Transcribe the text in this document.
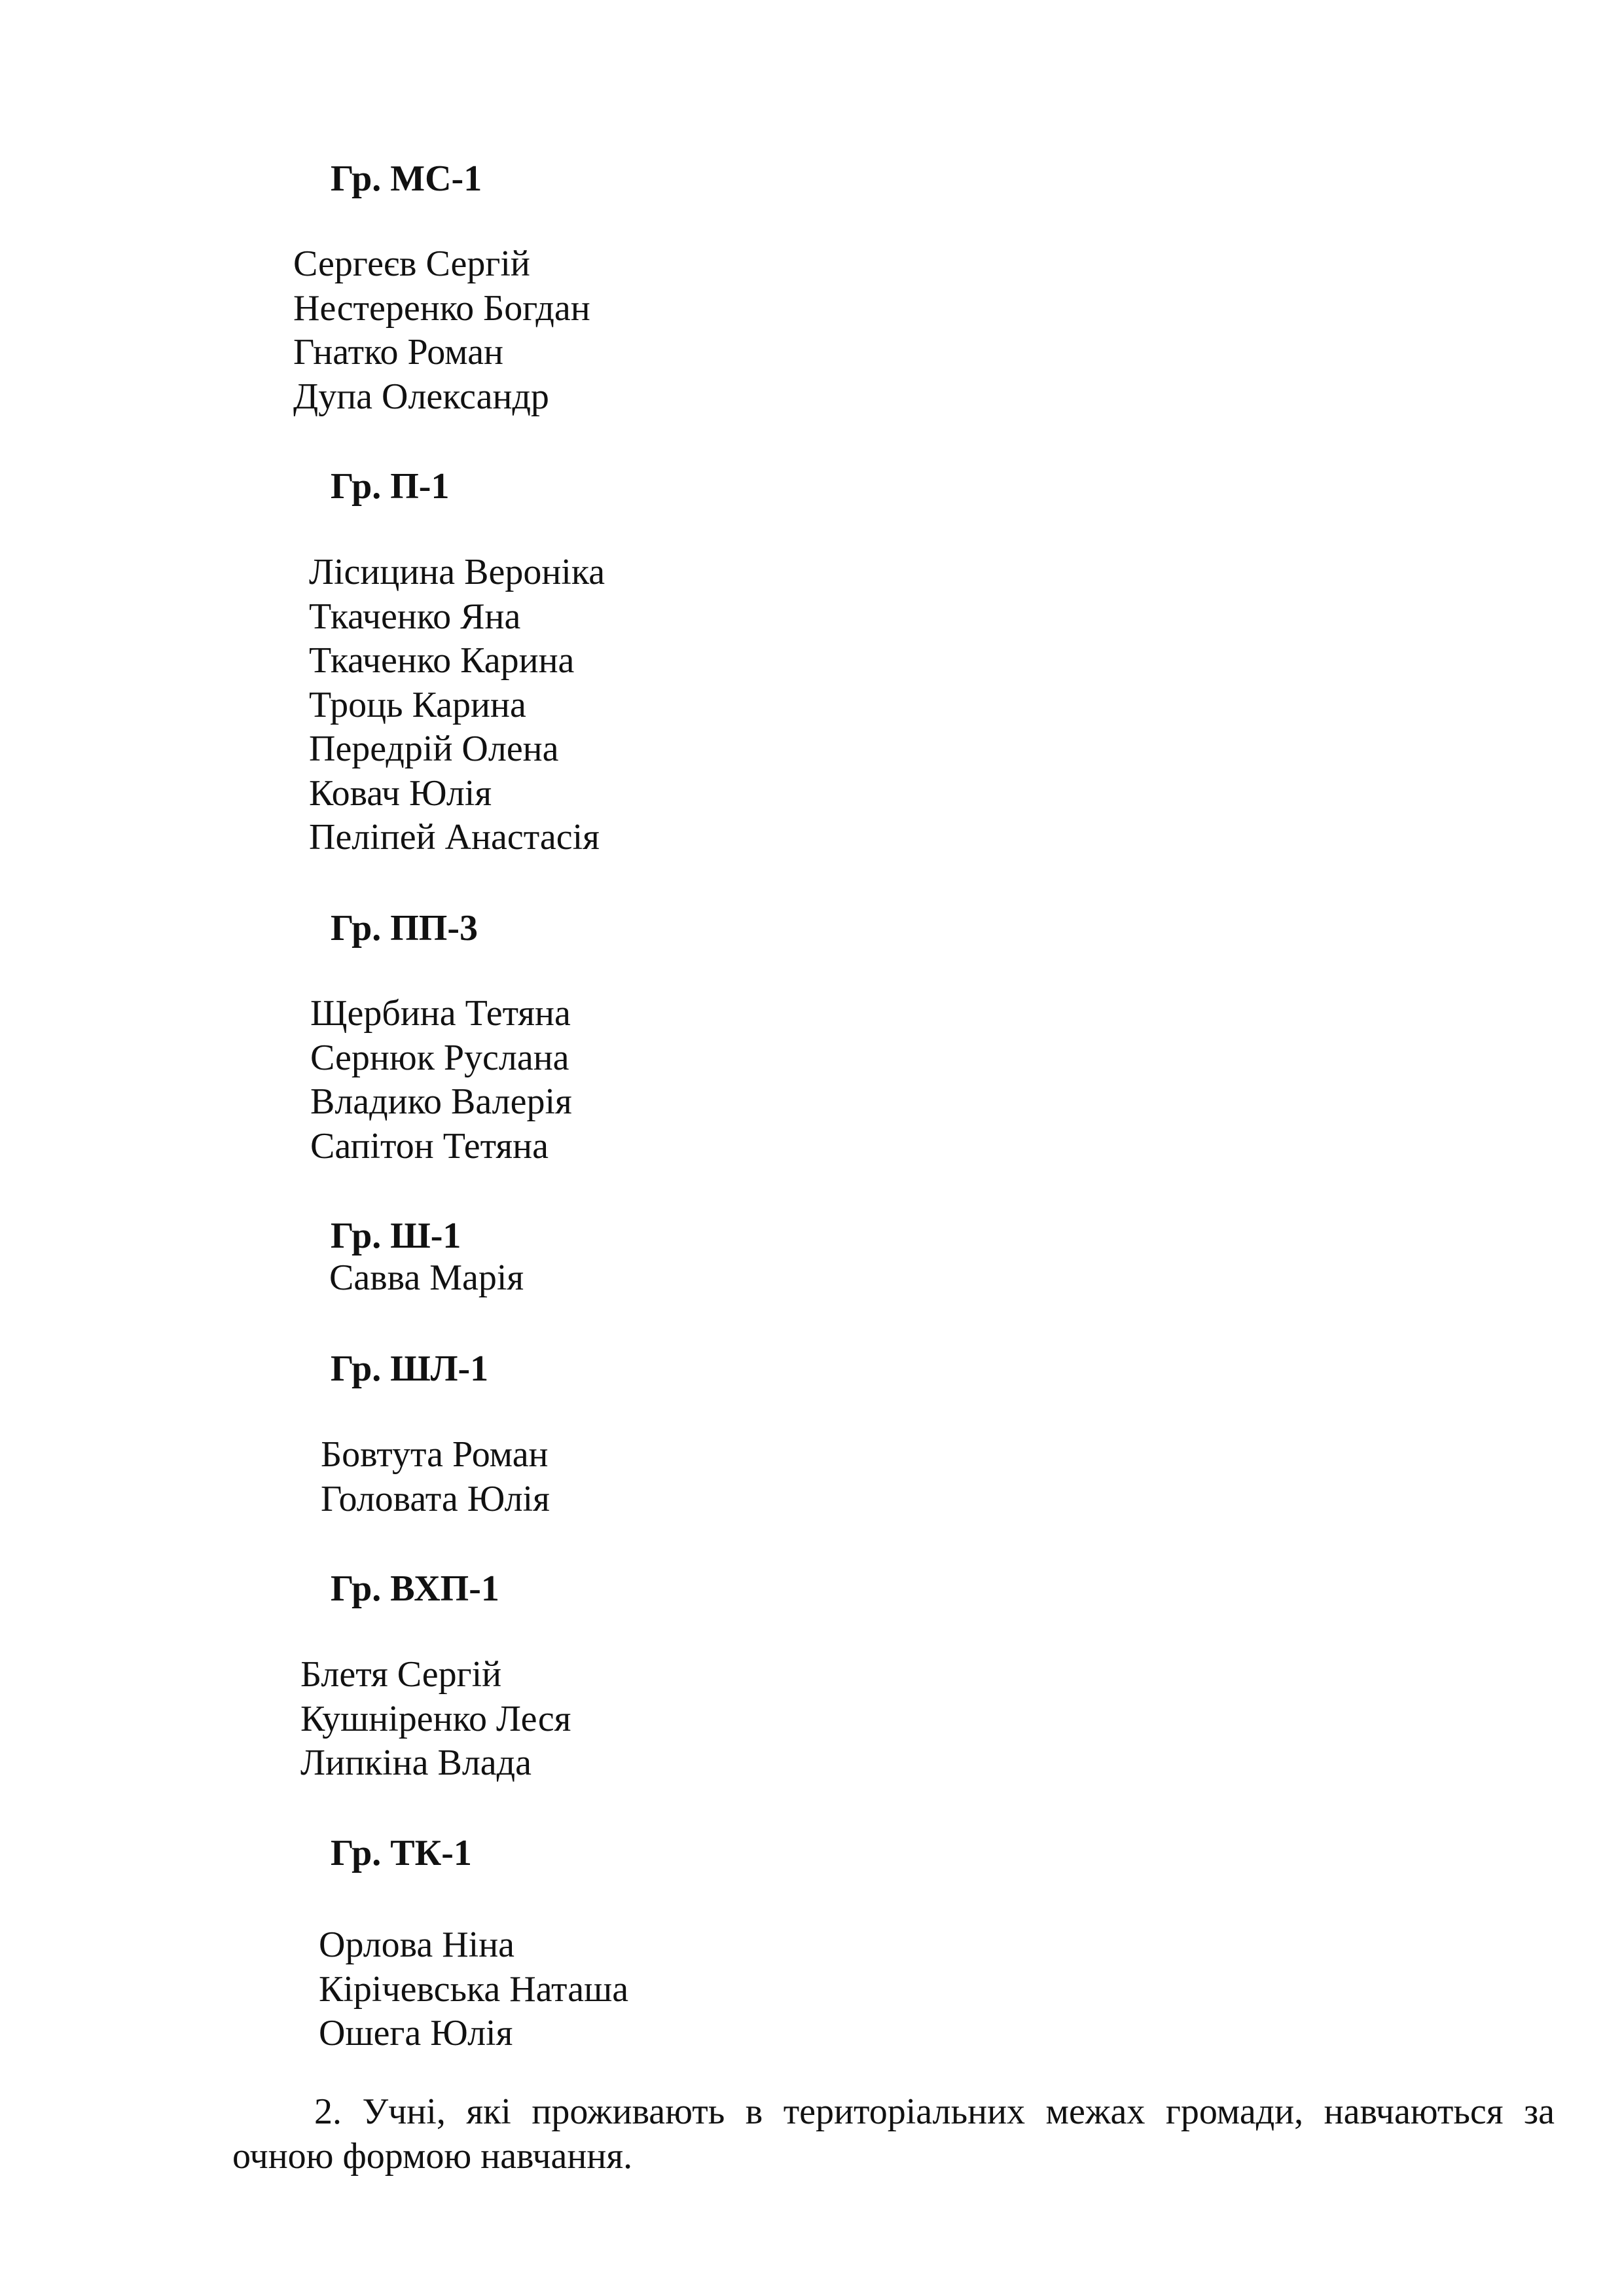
Гр. МС-1
Сергеєв Сергій
Нестеренко Богдан
Гнатко Роман
Дупа Олександр
Гр. П-1
Лісицина Вероніка
Ткаченко Яна
Ткаченко Карина
Троць Карина
Передрій Олена
Ковач Юлія
Пеліпей Анастасія
Гр. ПП-3
Щербина Тетяна
Сернюк Руслана
Владико Валерія
Сапітон Тетяна
Гр. Ш-1
Савва Марія
Гр. ШЛ-1
Бовтута Роман
Головата Юлія
Гр. ВХП-1
Блетя Сергій
Кушніренко Леся
Липкіна Влада
Гр. ТК-1
Орлова Ніна
Кірічевська Наташа
Ошега Юлія
2. Учні, які проживають в територіальних межах громади, навчаються за
очною формою навчання.
